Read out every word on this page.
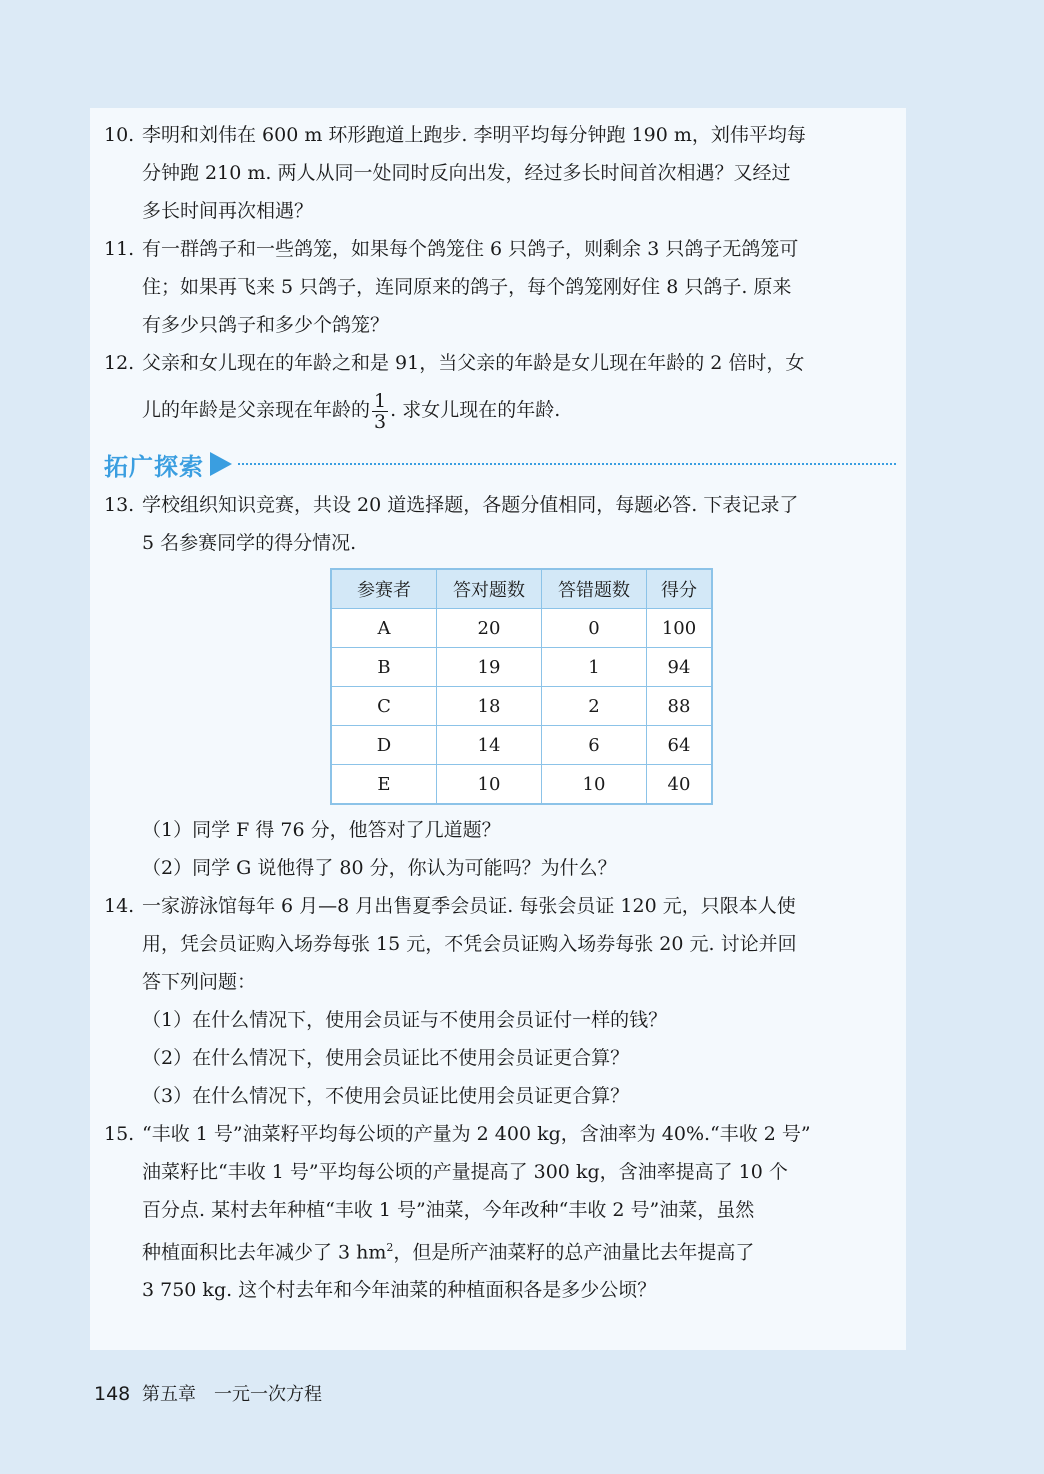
10. 李明和刘伟在 600 m 环形跑道上跑步. 李明平均每分钟跑 190 m，刘伟平均每
分钟跑 210 m. 两人从同一处同时反向出发，经过多长时间首次相遇？又经过
多长时间再次相遇？
11. 有一群鸽子和一些鸽笼，如果每个鸽笼住 6 只鸽子，则剩余 3 只鸽子无鸽笼可
住；如果再飞来 5 只鸽子，连同原来的鸽子，每个鸽笼刚好住 8 只鸽子. 原来
有多少只鸽子和多少个鸽笼？
12. 父亲和女儿现在的年龄之和是 91，当父亲的年龄是女儿现在年龄的 2 倍时，女
儿的年龄是父亲现在年龄的 $\frac{1}{3}$ . 求女儿现在的年龄.
拓广探索
13. 学校组织知识竞赛，共设 20 道选择题，各题分值相同，每题必答. 下表记录了
5 名参赛同学的得分情况.
参赛者	答对题数	答错题数	得分
A	20	0	100
B	19	1	94
C	18	2	88
D	14	6	64
E	10	10	40
（1）同学 F 得 76 分，他答对了几道题？
（2）同学 G 说他得了 80 分，你认为可能吗？为什么？
14. 一家游泳馆每年 6 月—8 月出售夏季会员证. 每张会员证 120 元，只限本人使
用，凭会员证购入场券每张 15 元，不凭会员证购入场券每张 20 元. 讨论并回
答下列问题：
（1）在什么情况下，使用会员证与不使用会员证付一样的钱？
（2）在什么情况下，使用会员证比不使用会员证更合算？
（3）在什么情况下，不使用会员证比使用会员证更合算？
15. “丰收 1 号”油菜籽平均每公顷的产量为 2 400 kg，含油率为 40%.“丰收 2 号”
油菜籽比“丰收 1 号”平均每公顷的产量提高了 300 kg，含油率提高了 10 个
百分点. 某村去年种植“丰收 1 号”油菜，今年改种“丰收 2 号”油菜，虽然
种植面积比去年减少了 3 $hm^2$，但是所产油菜籽的总产油量比去年提高了
3 750 kg. 这个村去年和今年油菜的种植面积各是多少公顷？
148 第五章　一元一次方程
